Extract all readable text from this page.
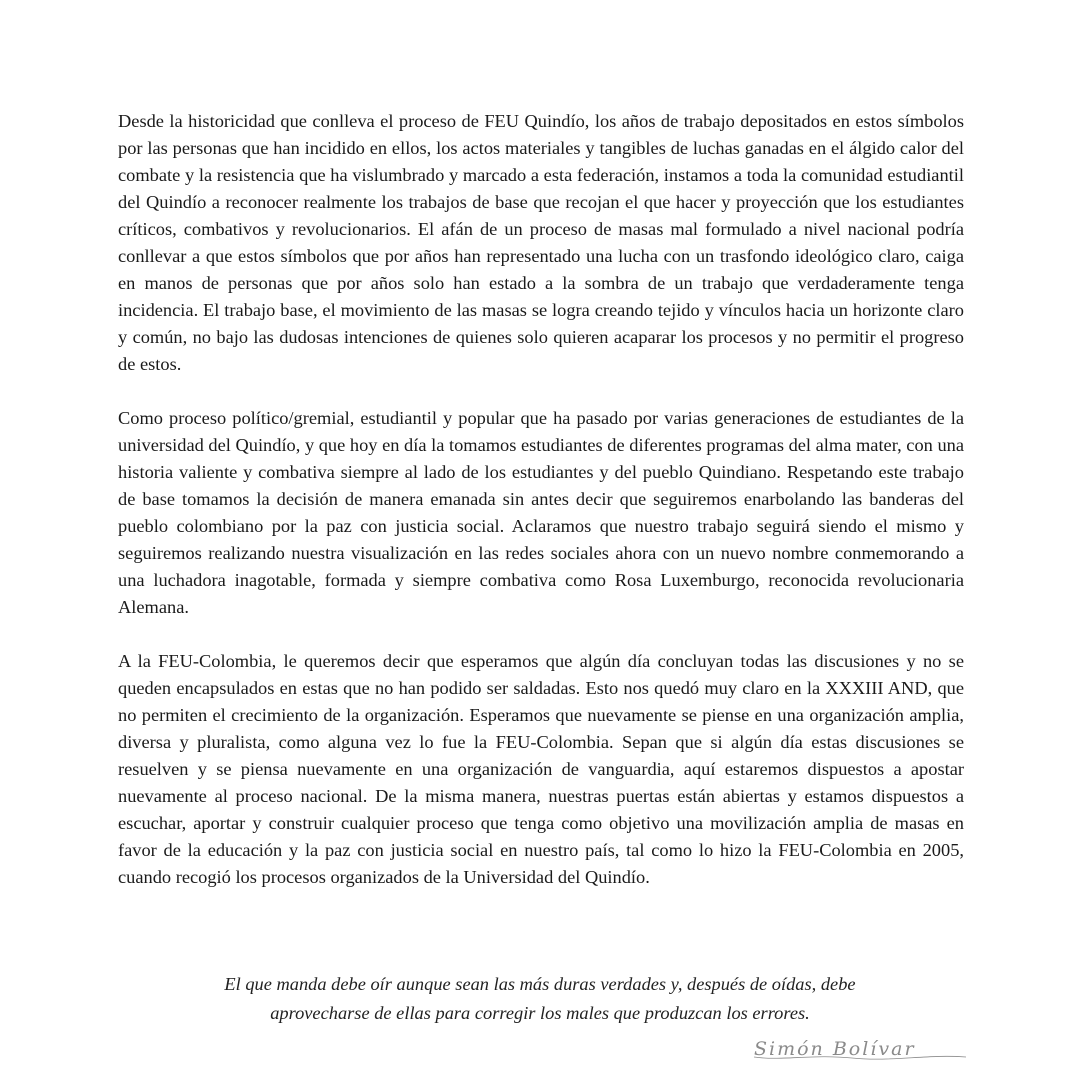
Desde la historicidad que conlleva el proceso de FEU Quindío, los años de trabajo depositados en estos símbolos por las personas que han incidido en ellos, los actos materiales y tangibles de luchas ganadas en el álgido calor del combate y la resistencia que ha vislumbrado y marcado a esta federación, instamos a toda la comunidad estudiantil del Quindío a reconocer realmente los trabajos de base que recojan el que hacer y proyección que los estudiantes críticos, combativos y revolucionarios. El afán de un proceso de masas mal formulado a nivel nacional podría conllevar a que estos símbolos que por años han representado una lucha con un trasfondo ideológico claro, caiga en manos de personas que por años solo han estado a la sombra de un trabajo que verdaderamente tenga incidencia. El trabajo base, el movimiento de las masas se logra creando tejido y vínculos hacia un horizonte claro y común, no bajo las dudosas intenciones de quienes solo quieren acaparar los procesos y no permitir el progreso de estos.

Como proceso político/gremial, estudiantil y popular que ha pasado por varias generaciones de estudiantes de la universidad del Quindío, y que hoy en día la tomamos estudiantes de diferentes programas del alma mater, con una historia valiente y combativa siempre al lado de los estudiantes y del pueblo Quindiano. Respetando este trabajo de base tomamos la decisión de manera emanada sin antes decir que seguiremos enarbolando las banderas del pueblo colombiano por la paz con justicia social. Aclaramos que nuestro trabajo seguirá siendo el mismo y seguiremos realizando nuestra visualización en las redes sociales ahora con un nuevo nombre conmemorando a una luchadora inagotable, formada y siempre combativa como Rosa Luxemburgo, reconocida revolucionaria Alemana.

A la FEU-Colombia, le queremos decir que esperamos que algún día concluyan todas las discusiones y no se queden encapsulados en estas que no han podido ser saldadas. Esto nos quedó muy claro en la XXXIII AND, que no permiten el crecimiento de la organización. Esperamos que nuevamente se piense en una organización amplia, diversa y pluralista, como alguna vez lo fue la FEU-Colombia. Sepan que si algún día estas discusiones se resuelven y se piensa nuevamente en una organización de vanguardia, aquí estaremos dispuestos a apostar nuevamente al proceso nacional. De la misma manera, nuestras puertas están abiertas y estamos dispuestos a escuchar, aportar y construir cualquier proceso que tenga como objetivo una movilización amplia de masas en favor de la educación y la paz con justicia social en nuestro país, tal como lo hizo la FEU-Colombia en 2005, cuando recogió los procesos organizados de la Universidad del Quindío.

El que manda debe oír aunque sean las más duras verdades y, después de oídas, debe
aprovecharse de ellas para corregir los males que produzcan los errores.

Simón Bolívar
